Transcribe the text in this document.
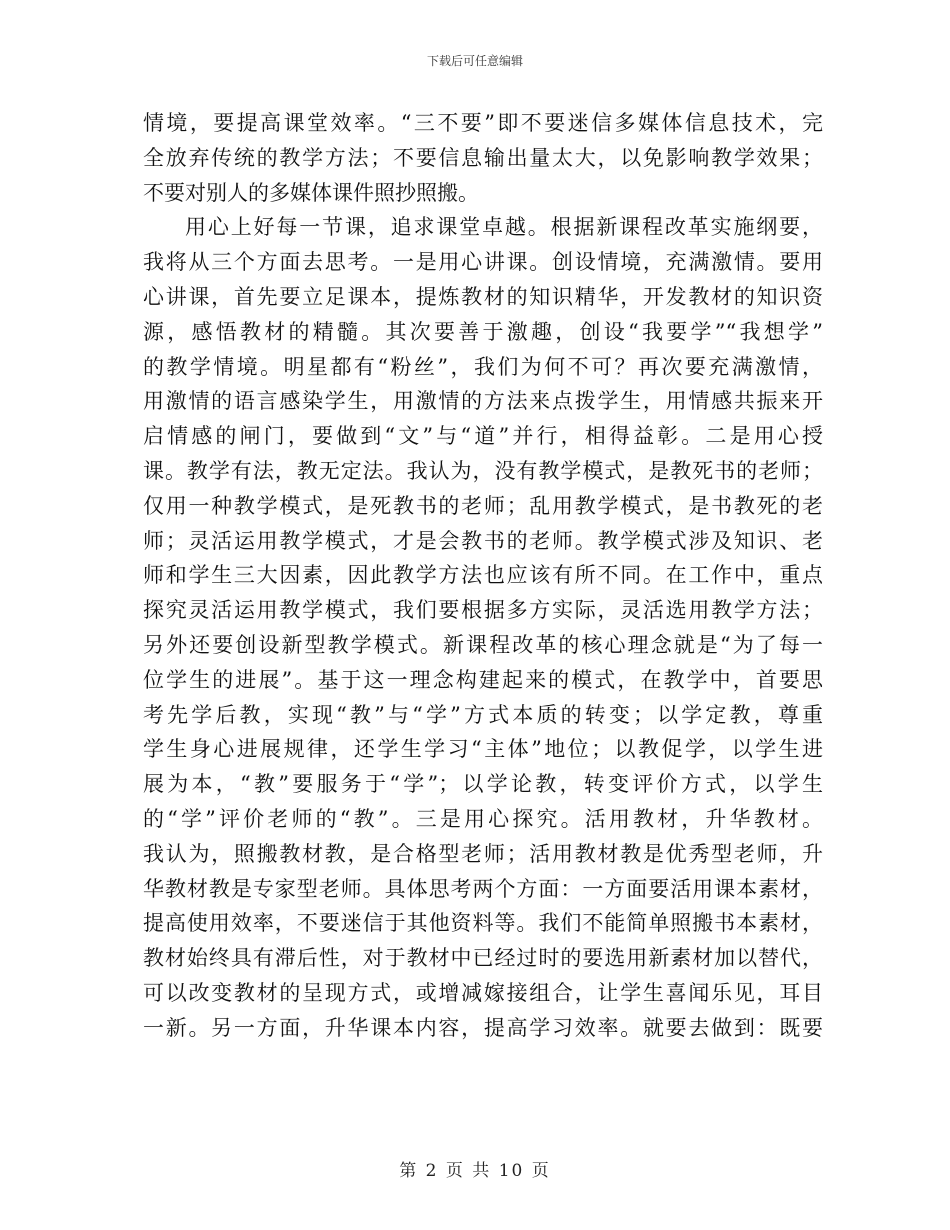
下载后可任意编辑
情境，要提高课堂效率。“三不要”即不要迷信多媒体信息技术，完
全放弃传统的教学方法；不要信息输出量太大，以免影响教学效果；
不要对别人的多媒体课件照抄照搬。
用心上好每一节课，追求课堂卓越。根据新课程改革实施纲要，
我将从三个方面去思考。一是用心讲课。创设情境，充满激情。要用
心讲课，首先要立足课本，提炼教材的知识精华，开发教材的知识资
源，感悟教材的精髓。其次要善于激趣，创设“我要学”“我想学”
的教学情境。明星都有“粉丝”，我们为何不可？再次要充满激情，
用激情的语言感染学生，用激情的方法来点拨学生，用情感共振来开
启情感的闸门，要做到“文”与“道”并行，相得益彰。二是用心授
课。教学有法，教无定法。我认为，没有教学模式，是教死书的老师；
仅用一种教学模式，是死教书的老师；乱用教学模式，是书教死的老
师；灵活运用教学模式，才是会教书的老师。教学模式涉及知识、老
师和学生三大因素，因此教学方法也应该有所不同。在工作中，重点
探究灵活运用教学模式，我们要根据多方实际，灵活选用教学方法；
另外还要创设新型教学模式。新课程改革的核心理念就是“为了每一
位学生的进展”。基于这一理念构建起来的模式，在教学中，首要思
考先学后教，实现“教”与“学”方式本质的转变；以学定教，尊重
学生身心进展规律，还学生学习“主体”地位；以教促学，以学生进
展为本，“教”要服务于“学”；以学论教，转变评价方式，以学生
的“学”评价老师的“教”。三是用心探究。活用教材，升华教材。
我认为，照搬教材教，是合格型老师；活用教材教是优秀型老师，升
华教材教是专家型老师。具体思考两个方面：一方面要活用课本素材，
提高使用效率，不要迷信于其他资料等。我们不能简单照搬书本素材，
教材始终具有滞后性，对于教材中已经过时的要选用新素材加以替代，
可以改变教材的呈现方式，或增减嫁接组合，让学生喜闻乐见，耳目
一新。另一方面，升华课本内容，提高学习效率。就要去做到：既要
第 2 页 共 10 页
